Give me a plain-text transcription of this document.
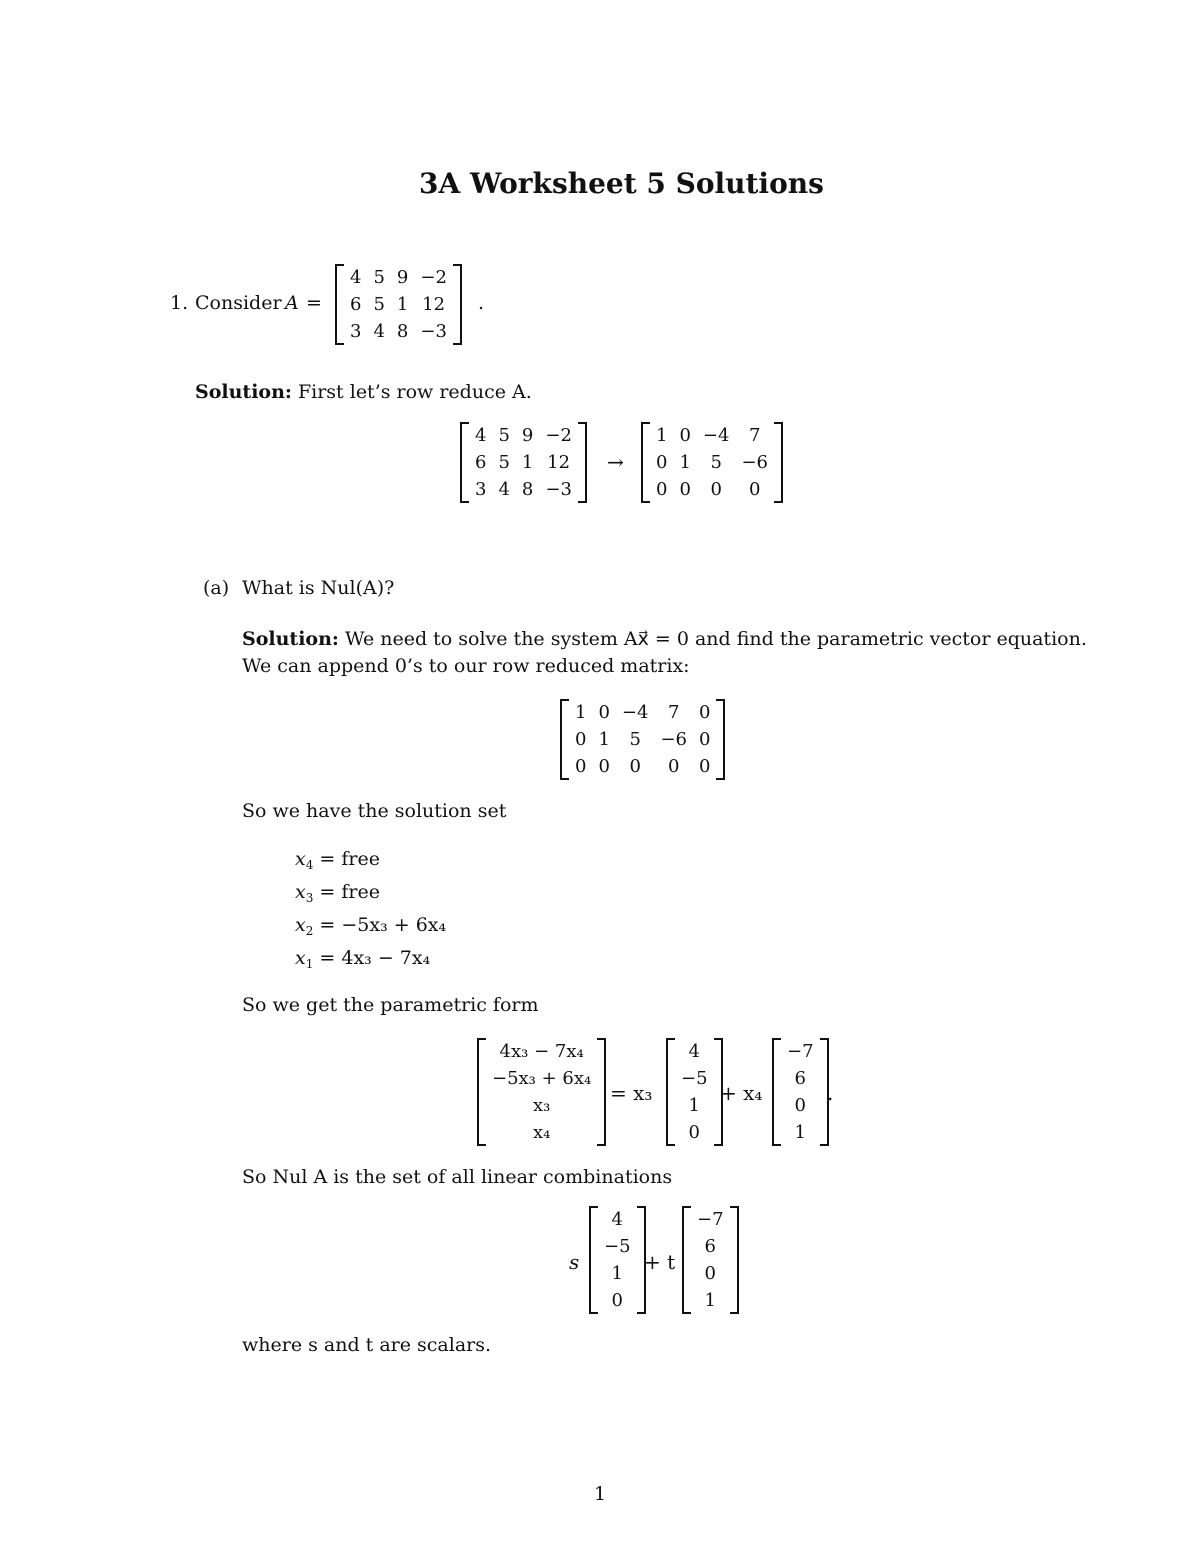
3A Worksheet 5 Solutions
1. Consider A =
4	5	9	−2
6	5	1	12
3	4	8	−3
.
Solution: First let’s row reduce A.
4	5	9	−2
6	5	1	12
3	4	8	−3
→
1	0	−4	7
0	1	5	−6
0	0	0	0
(a) What is Nul(A)?
Solution: We need to solve the system Ax⃗ = 0 and find the parametric vector equation.
We can append 0’s to our row reduced matrix:
1	0	−4	7	0
0	1	5	−6	0
0	0	0	0	0
So we have the solution set
$x_4$ = free
$x_3$ = free
$x_2 = -5x_3 + 6x_4$
$x_1 = 4x_3 - 7x_4$
So we get the parametric form
4x₃ − 7x₄
−5x₃ + 6x₄
x₃
x₄
= x₃
4
−5
1
0
+ x₄
−7
6
0
1
.
So Nul A is the set of all linear combinations
s
4
−5
1
0
+ t
−7
6
0
1
where s and t are scalars.
1
